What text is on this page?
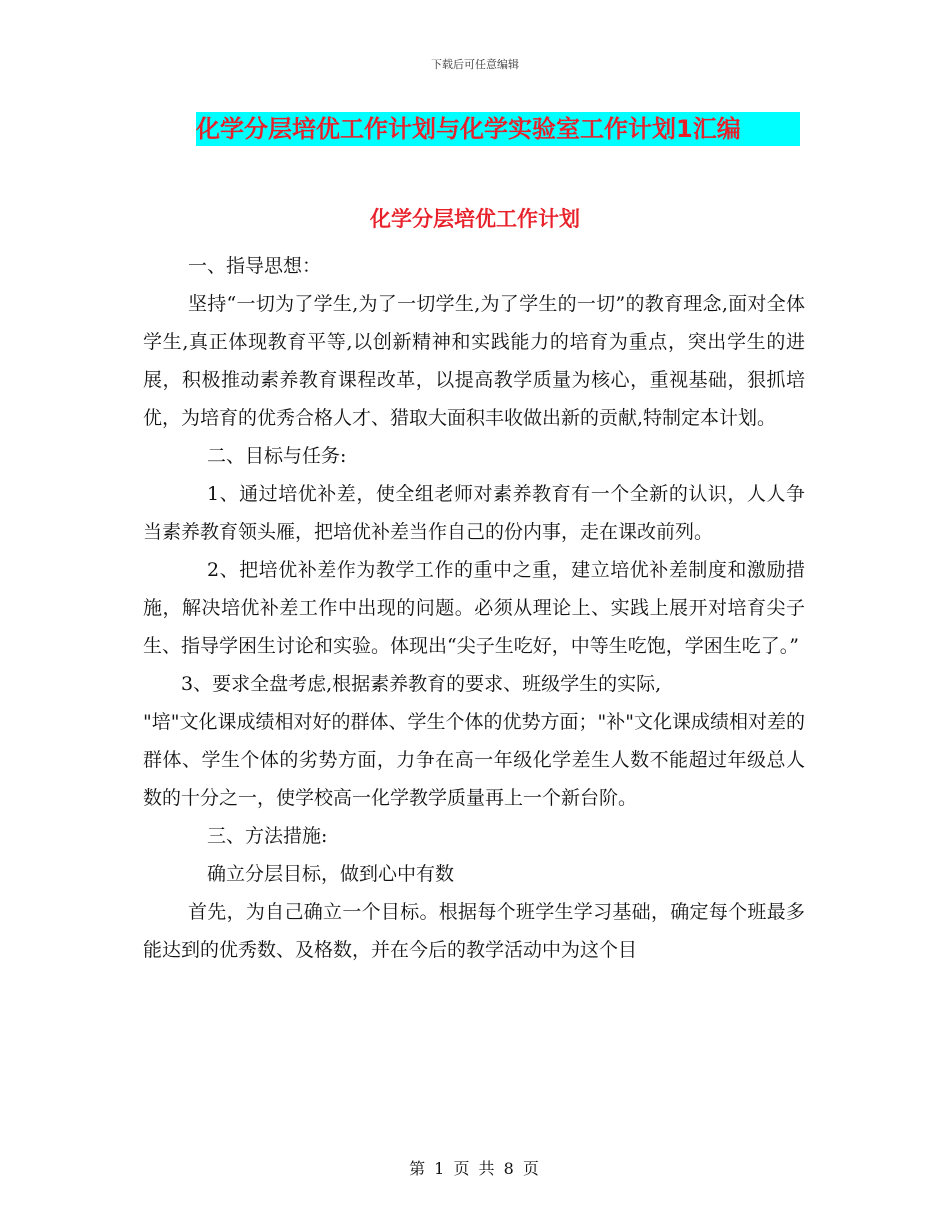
下载后可任意编辑
化学分层培优工作计划与化学实验室工作计划1汇编
化学分层培优工作计划

一、指导思想：

坚持“一切为了学生,为了一切学生,为了学生的一切”的教育理念,面对全体学生,真正体现教育平等,以创新精神和实践能力的培育为重点，突出学生的进展，积极推动素养教育课程改革，以提高教学质量为核心，重视基础，狠抓培优，为培育的优秀合格人才、猎取大面积丰收做出新的贡献,特制定本计划。

二、目标与任务:

1、通过培优补差，使全组老师对素养教育有一个全新的认识，人人争当素养教育领头雁，把培优补差当作自己的份内事，走在课改前列。

2、把培优补差作为教学工作的重中之重，建立培优补差制度和激励措施，解决培优补差工作中出现的问题。必须从理论上、实践上展开对培育尖子生、指导学困生讨论和实验。体现出“尖子生吃好，中等生吃饱，学困生吃了。”

3、要求全盘考虑,根据素养教育的要求、班级学生的实际,

"培"文化课成绩相对好的群体、学生个体的优势方面；"补"文化课成绩相对差的群体、学生个体的劣势方面，力争在高一年级化学差生人数不能超过年级总人数的十分之一，使学校高一化学教学质量再上一个新台阶。

三、方法措施:

确立分层目标，做到心中有数

首先，为自己确立一个目标。根据每个班学生学习基础，确定每个班最多能达到的优秀数、及格数，并在今后的教学活动中为这个目

第 1 页 共 8 页
